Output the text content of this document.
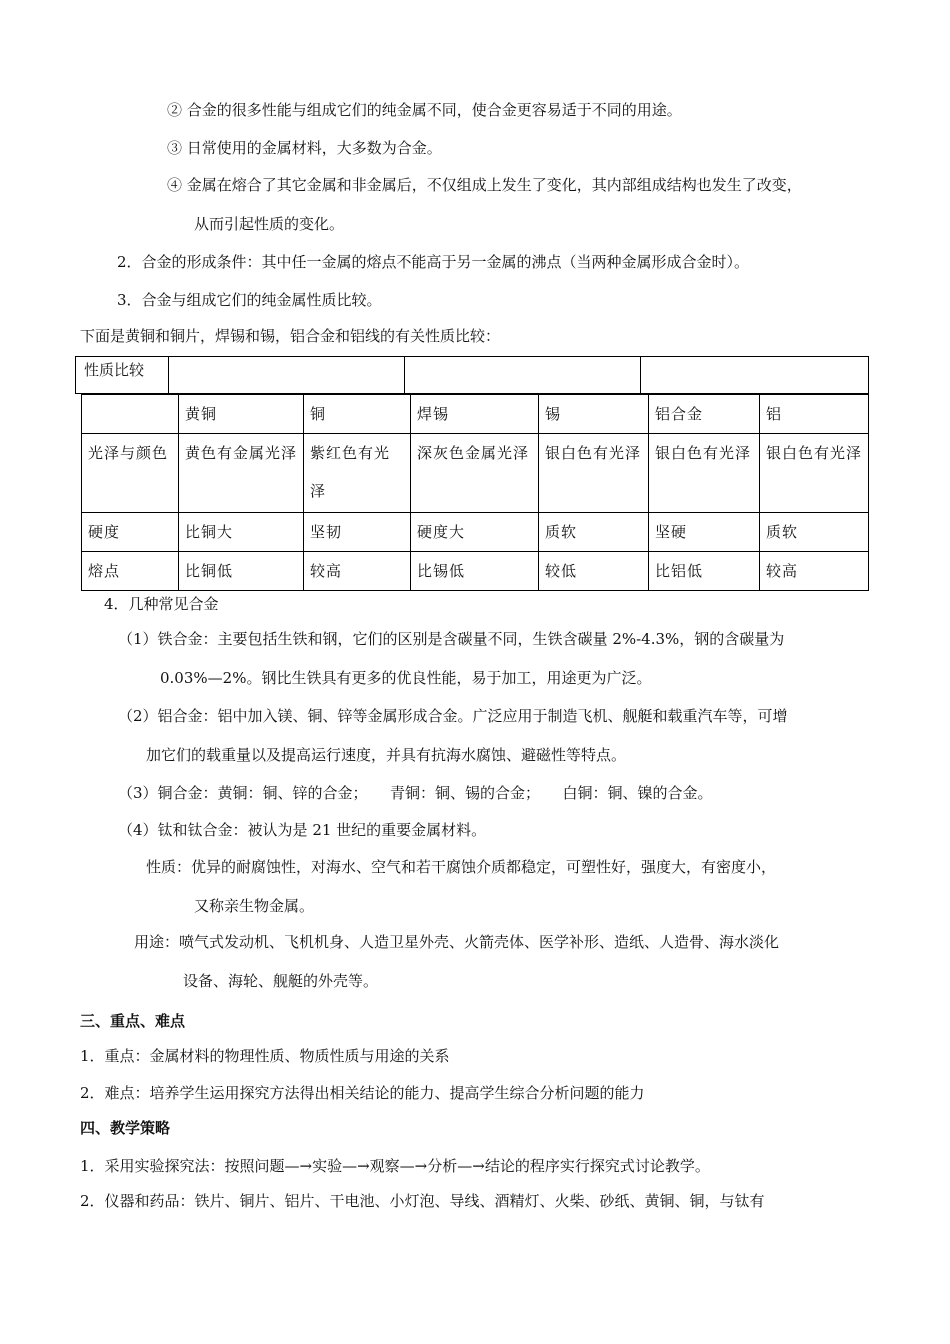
② 合金的很多性能与组成它们的纯金属不同，使合金更容易适于不同的用途。
③ 日常使用的金属材料，大多数为合金。
④ 金属在熔合了其它金属和非金属后，不仅组成上发生了变化，其内部组成结构也发生了改变，
从而引起性质的变化。
2．合金的形成条件：其中任一金属的熔点不能高于另一金属的沸点（当两种金属形成合金时）。
3．合金与组成它们的纯金属性质比较。
下面是黄铜和铜片，焊锡和锡，铝合金和铝线的有关性质比较：
性质比较			
	黄铜	铜	焊锡	锡	铝合金	铝
光泽与颜色	黄色有金属光泽	紫红色有光泽	深灰色金属光泽	银白色有光泽	银白色有光泽	银白色有光泽
硬度	比铜大	坚韧	硬度大	质软	坚硬	质软
熔点	比铜低	较高	比锡低	较低	比铝低	较高
4．几种常见合金
（1）铁合金：主要包括生铁和钢，它们的区别是含碳量不同，生铁含碳量 2%-4.3%，钢的含碳量为
0.03%—2%。钢比生铁具有更多的优良性能，易于加工，用途更为广泛。
（2）铝合金：铝中加入镁、铜、锌等金属形成合金。广泛应用于制造飞机、舰艇和载重汽车等，可增
加它们的载重量以及提高运行速度，并具有抗海水腐蚀、避磁性等特点。
（3）铜合金：黄铜：铜、锌的合金；　　青铜：铜、锡的合金；　　白铜：铜、镍的合金。
（4）钛和钛合金：被认为是 21 世纪的重要金属材料。
性质：优异的耐腐蚀性，对海水、空气和若干腐蚀介质都稳定，可塑性好，强度大，有密度小，
又称亲生物金属。
用途：喷气式发动机、飞机机身、人造卫星外壳、火箭壳体、医学补形、造纸、人造骨、海水淡化
设备、海轮、舰艇的外壳等。
三、重点、难点
1．重点：金属材料的物理性质、物质性质与用途的关系
2．难点：培养学生运用探究方法得出相关结论的能力、提高学生综合分析问题的能力
四、教学策略
1．采用实验探究法：按照问题—→实验—→观察—→分析—→结论的程序实行探究式讨论教学。
2．仪器和药品：铁片、铜片、铝片、干电池、小灯泡、导线、酒精灯、火柴、砂纸、黄铜、铜，与钛有
